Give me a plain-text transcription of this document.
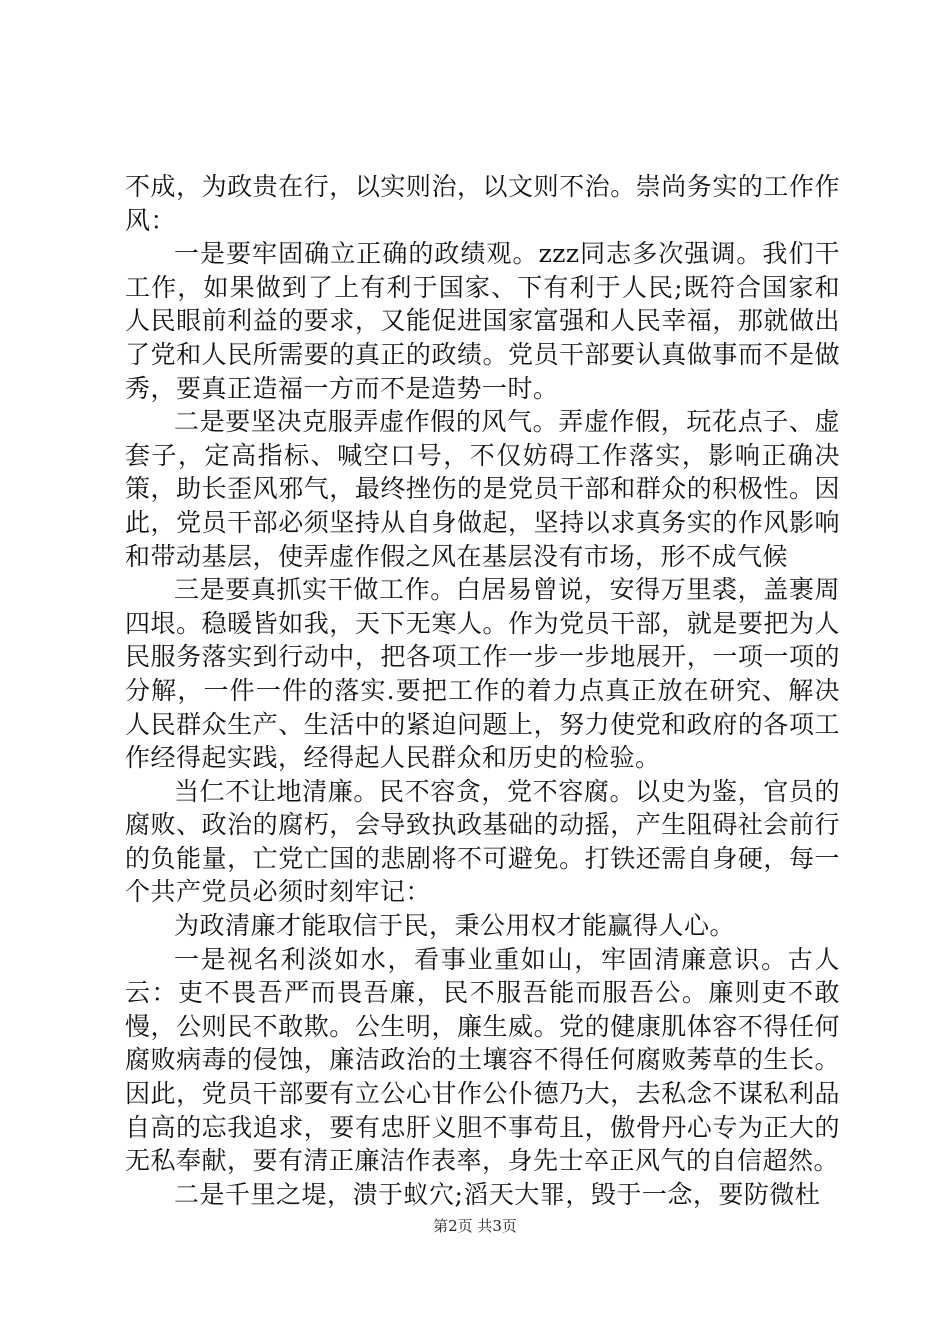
不成，为政贵在行，以实则治，以文则不治。崇尚务实的工作作风：

一是要牢固确立正确的政绩观。zzz同志多次强调。我们干工作，如果做到了上有利于国家、下有利于人民;既符合国家和人民眼前利益的要求，又能促进国家富强和人民幸福，那就做出了党和人民所需要的真正的政绩。党员干部要认真做事而不是做秀，要真正造福一方而不是造势一时。

二是要坚决克服弄虚作假的风气。弄虚作假，玩花点子、虚套子，定高指标、喊空口号，不仅妨碍工作落实，影响正确决策，助长歪风邪气，最终挫伤的是党员干部和群众的积极性。因此，党员干部必须坚持从自身做起，坚持以求真务实的作风影响和带动基层，使弄虚作假之风在基层没有市场，形不成气候

三是要真抓实干做工作。白居易曾说，安得万里裘，盖裹周四垠。稳暖皆如我，天下无寒人。作为党员干部，就是要把为人民服务落实到行动中，把各项工作一步一步地展开，一项一项的分解，一件一件的落实.要把工作的着力点真正放在研究、解决人民群众生产、生活中的紧迫问题上，努力使党和政府的各项工作经得起实践，经得起人民群众和历史的检验。

当仁不让地清廉。民不容贪，党不容腐。以史为鉴，官员的腐败、政治的腐朽，会导致执政基础的动摇，产生阻碍社会前行的负能量，亡党亡国的悲剧将不可避免。打铁还需自身硬，每一个共产党员必须时刻牢记：

为政清廉才能取信于民，秉公用权才能赢得人心。

一是视名利淡如水，看事业重如山，牢固清廉意识。古人云：吏不畏吾严而畏吾廉，民不服吾能而服吾公。廉则吏不敢慢，公则民不敢欺。公生明，廉生威。党的健康肌体容不得任何腐败病毒的侵蚀，廉洁政治的土壤容不得任何腐败莠草的生长。因此，党员干部要有立公心甘作公仆德乃大，去私念不谋私利品自高的忘我追求，要有忠肝义胆不事苟且，傲骨丹心专为正大的无私奉献，要有清正廉洁作表率，身先士卒正风气的自信超然。

二是千里之堤，溃于蚁穴;滔天大罪，毁于一念，要防微杜

第2页 共3页
